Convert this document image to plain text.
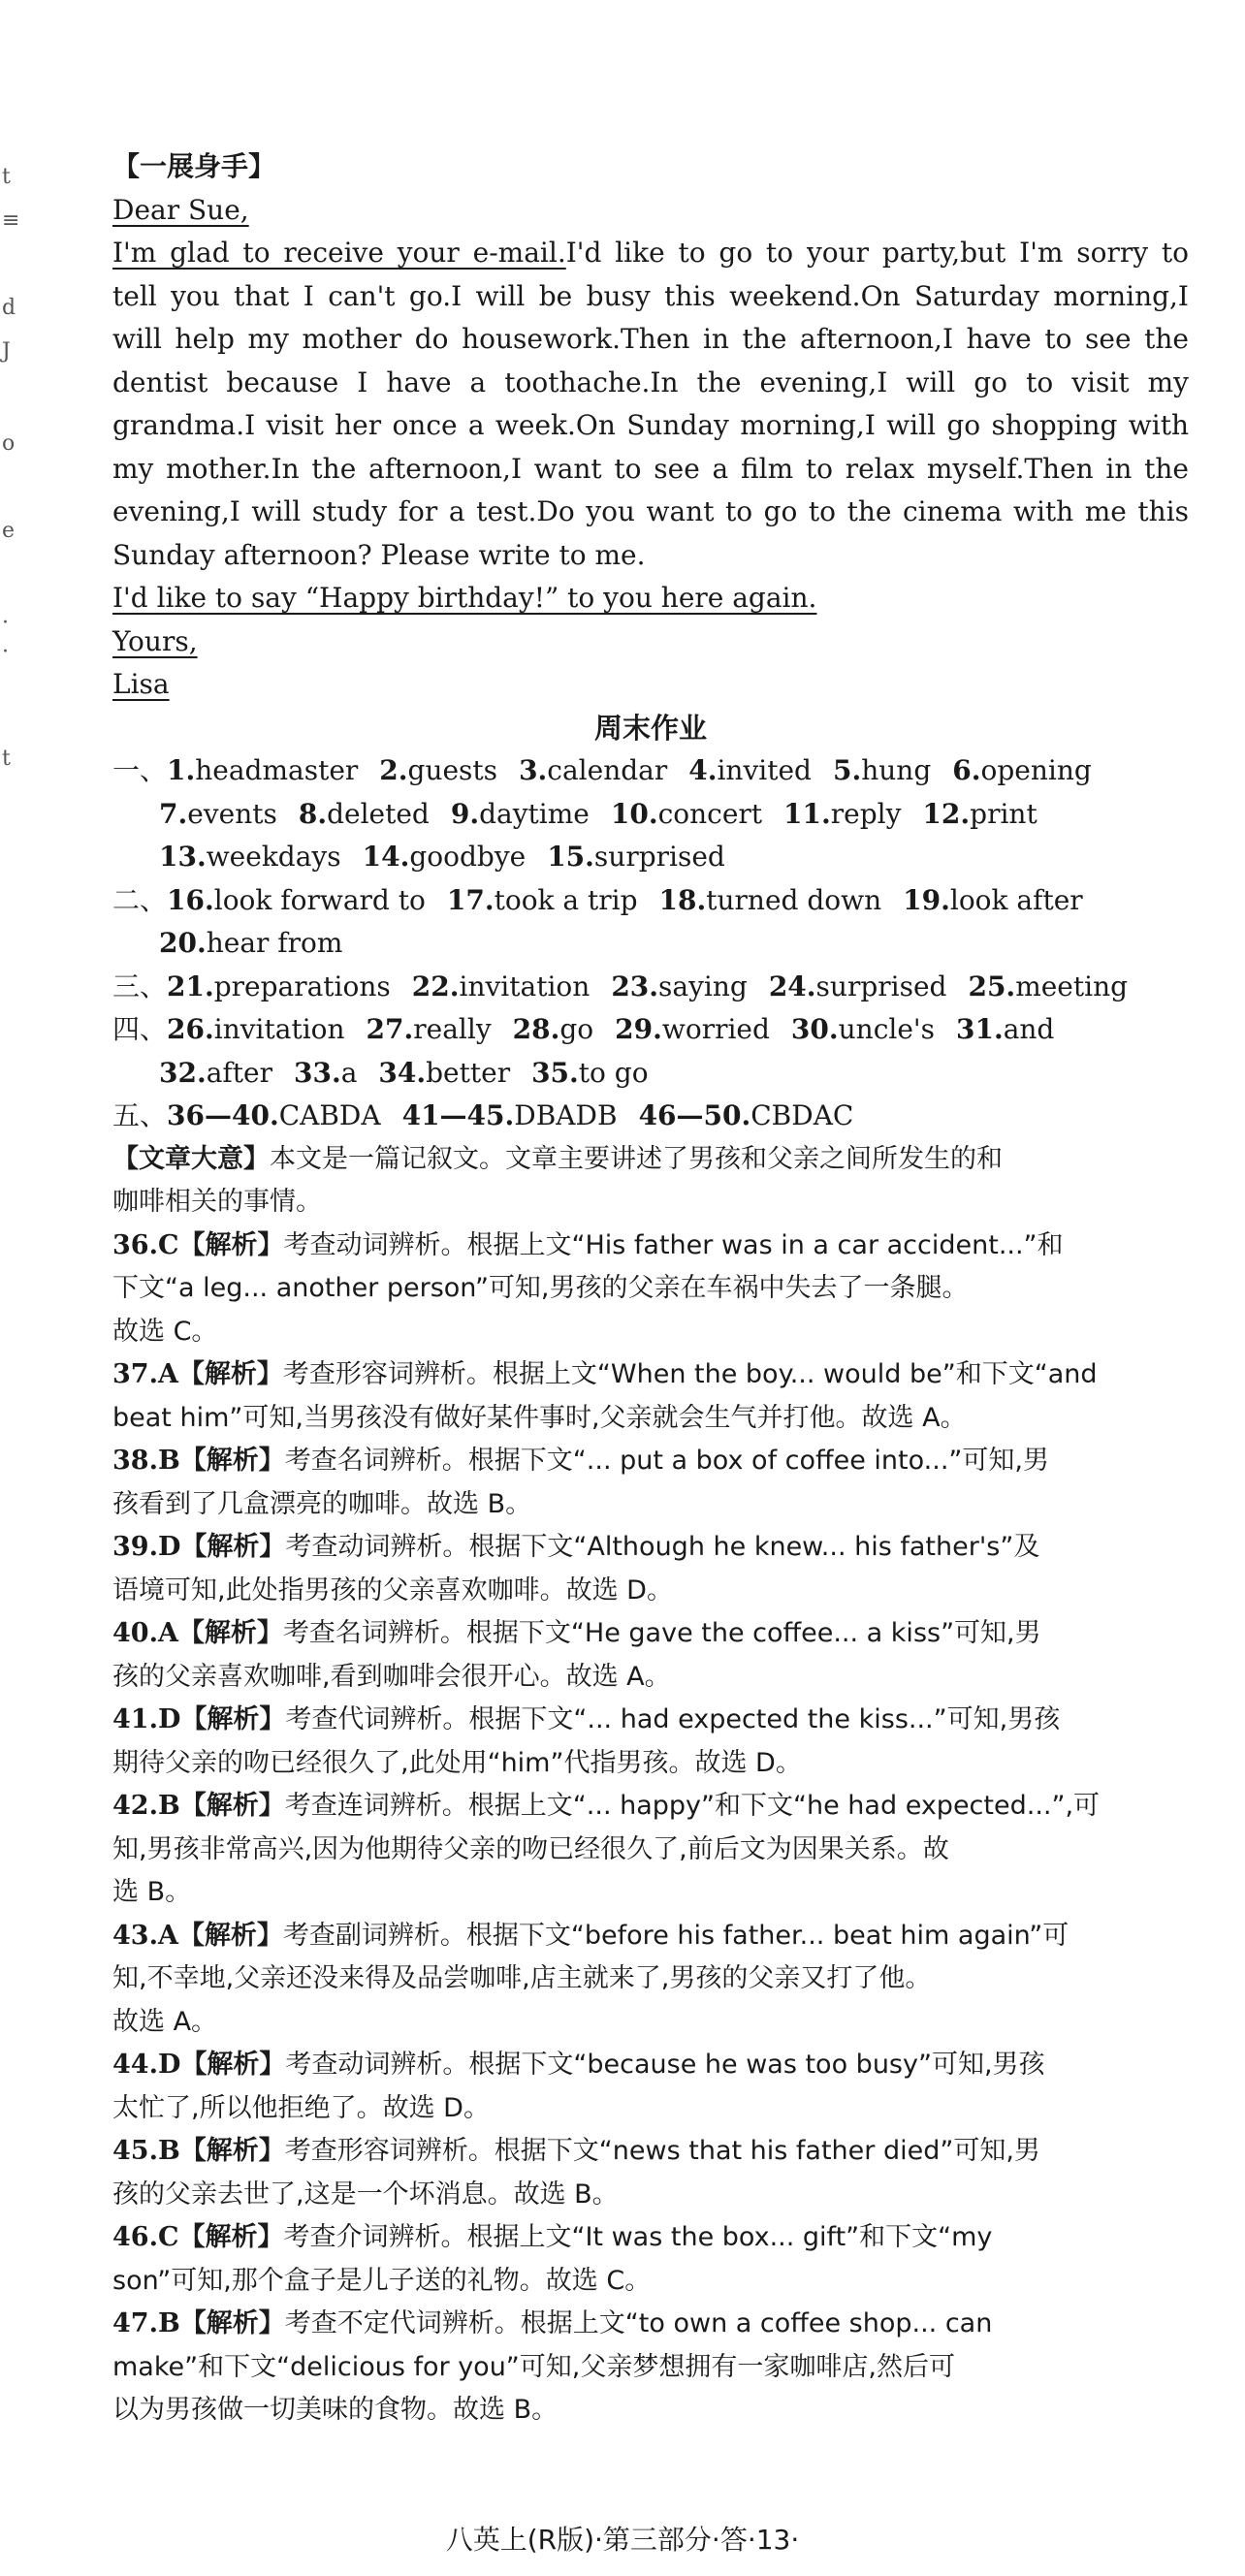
t
≡
d
J
o
e
·
·
t
【一展身手】
Dear Sue,
I'm glad to receive your e-mail.I'd like to go to your party,but I'm sorry to
tell you that I can't go.I will be busy this weekend.On Saturday morning,I
will help my mother do housework.Then in the afternoon,I have to see the
dentist because I have a toothache.In the evening,I will go to visit my
grandma.I visit her once a week.On Sunday morning,I will go shopping with
my mother.In the afternoon,I want to see a film to relax myself.Then in the
evening,I will study for a test.Do you want to go to the cinema with me this
Sunday afternoon? Please write to me.
I'd like to say “Happy birthday!” to you here again.
Yours,
Lisa
周末作业
一、1.headmaster 2.guests 3.calendar 4.invited 5.hung 6.opening
7.events 8.deleted 9.daytime 10.concert 11.reply 12.print
13.weekdays 14.goodbye 15.surprised
二、16.look forward to 17.took a trip 18.turned down 19.look after
20.hear from
三、21.preparations 22.invitation 23.saying 24.surprised 25.meeting
四、26.invitation 27.really 28.go 29.worried 30.uncle's 31.and
32.after 33.a 34.better 35.to go
五、36—40.CABDA 41—45.DBADB 46—50.CBDAC
【文章大意】本文是一篇记叙文。文章主要讲述了男孩和父亲之间所发生的和
咖啡相关的事情。
36.C【解析】考查动词辨析。根据上文“His father was in a car accident...”和
下文“a leg... another person”可知,男孩的父亲在车祸中失去了一条腿。
故选 C。
37.A【解析】考查形容词辨析。根据上文“When the boy... would be”和下文“and
beat him”可知,当男孩没有做好某件事时,父亲就会生气并打他。故选 A。
38.B【解析】考查名词辨析。根据下文“... put a box of coffee into...”可知,男
孩看到了几盒漂亮的咖啡。故选 B。
39.D【解析】考查动词辨析。根据下文“Although he knew... his father's”及
语境可知,此处指男孩的父亲喜欢咖啡。故选 D。
40.A【解析】考查名词辨析。根据下文“He gave the coffee... a kiss”可知,男
孩的父亲喜欢咖啡,看到咖啡会很开心。故选 A。
41.D【解析】考查代词辨析。根据下文“... had expected the kiss...”可知,男孩
期待父亲的吻已经很久了,此处用“him”代指男孩。故选 D。
42.B【解析】考查连词辨析。根据上文“... happy”和下文“he had expected...”,可
知,男孩非常高兴,因为他期待父亲的吻已经很久了,前后文为因果关系。故
选 B。
43.A【解析】考查副词辨析。根据下文“before his father... beat him again”可
知,不幸地,父亲还没来得及品尝咖啡,店主就来了,男孩的父亲又打了他。
故选 A。
44.D【解析】考查动词辨析。根据下文“because he was too busy”可知,男孩
太忙了,所以他拒绝了。故选 D。
45.B【解析】考查形容词辨析。根据下文“news that his father died”可知,男
孩的父亲去世了,这是一个坏消息。故选 B。
46.C【解析】考查介词辨析。根据上文“It was the box... gift”和下文“my
son”可知,那个盒子是儿子送的礼物。故选 C。
47.B【解析】考查不定代词辨析。根据上文“to own a coffee shop... can
make”和下文“delicious for you”可知,父亲梦想拥有一家咖啡店,然后可
以为男孩做一切美味的食物。故选 B。
八英上(R版)·第三部分·答·13·
